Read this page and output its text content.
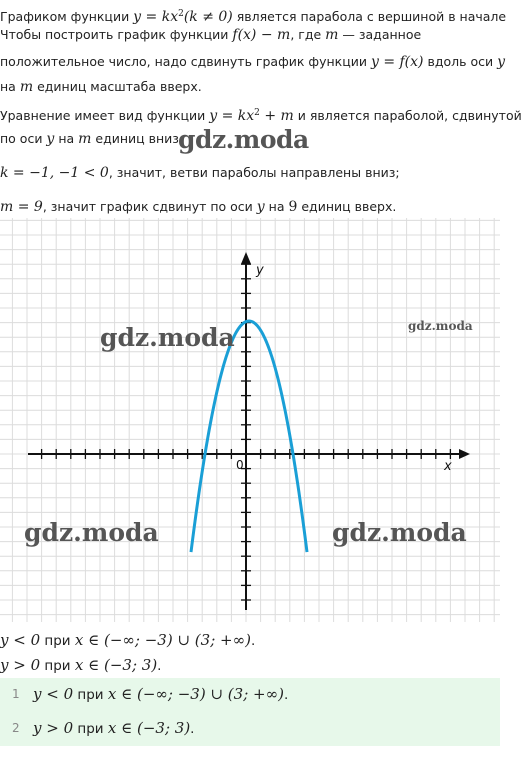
Графиком функции $y = kx^2(k \ne 0)$ является парабола с вершиной в начале
Чтобы построить график функции f(x) − m, где m — заданное
положительное число, надо сдвинуть график функции y = f(x) вдоль оси y
на m единиц масштаба вверх.
Уравнение имеет вид функции $y = kx^2 + m$ и является параболой, сдвинутой
по оси y на m единиц вниз.
gdz.moda
k = −1, −1 < 0, значит, ветви параболы направлены вниз;
m = 9, значит график сдвинут по оси y на 9 единиц вверх.
x
y
0
gdz.moda	gdz.moda
gdz.moda	gdz.moda
y < 0 при x ∈ (−∞; −3) ∪ (3; +∞).
y > 0 при x ∈ (−3; 3).
1 y < 0 при x ∈ (−∞; −3) ∪ (3; +∞).
2 y > 0 при x ∈ (−3; 3).
